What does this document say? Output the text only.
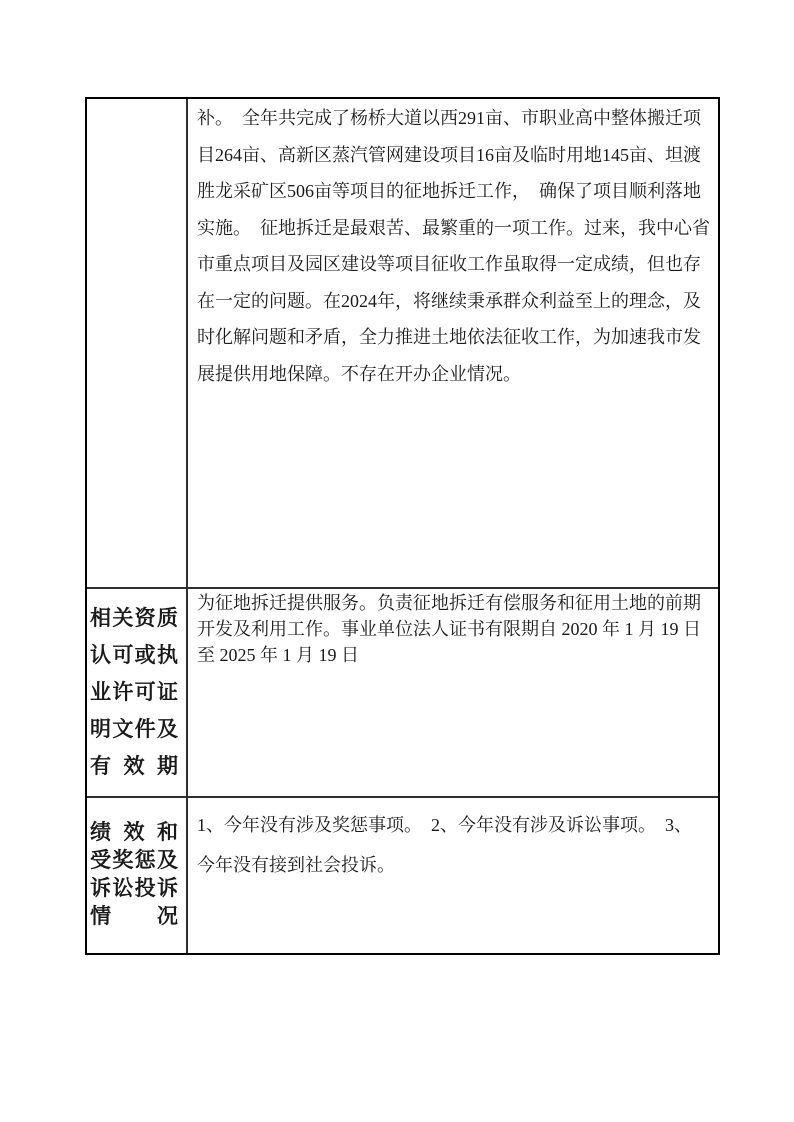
补。　全年共完成了杨桥大道以西291亩、市职业高中整体搬迁项
目264亩、高新区蒸汽管网建设项目16亩及临时用地145亩、坦渡
胜龙采矿区506亩等项目的征地拆迁工作，　确保了项目顺利落地
实施。 征地拆迁是最艰苦、最繁重的一项工作。过来，我中心省
市重点项目及园区建设等项目征收工作虽取得一定成绩，但也存
在一定的问题。在2024年，将继续秉承群众利益至上的理念，及
时化解问题和矛盾，全力推进土地依法征收工作，为加速我市发
展提供用地保障。不存在开办企业情况。
相关资质
认可或执
业许可证
明文件及
有效期
为征地拆迁提供服务。负责征地拆迁有偿服务和征用土地的前期
开发及利用工作。事业单位法人证书有限期自 2020 年 1 月 19 日
至 2025 年 1 月 19 日
绩效和
受奖惩及
诉讼投诉
情况
1、今年没有涉及奖惩事项。　2、今年没有涉及诉讼事项。　3、
今年没有接到社会投诉。
